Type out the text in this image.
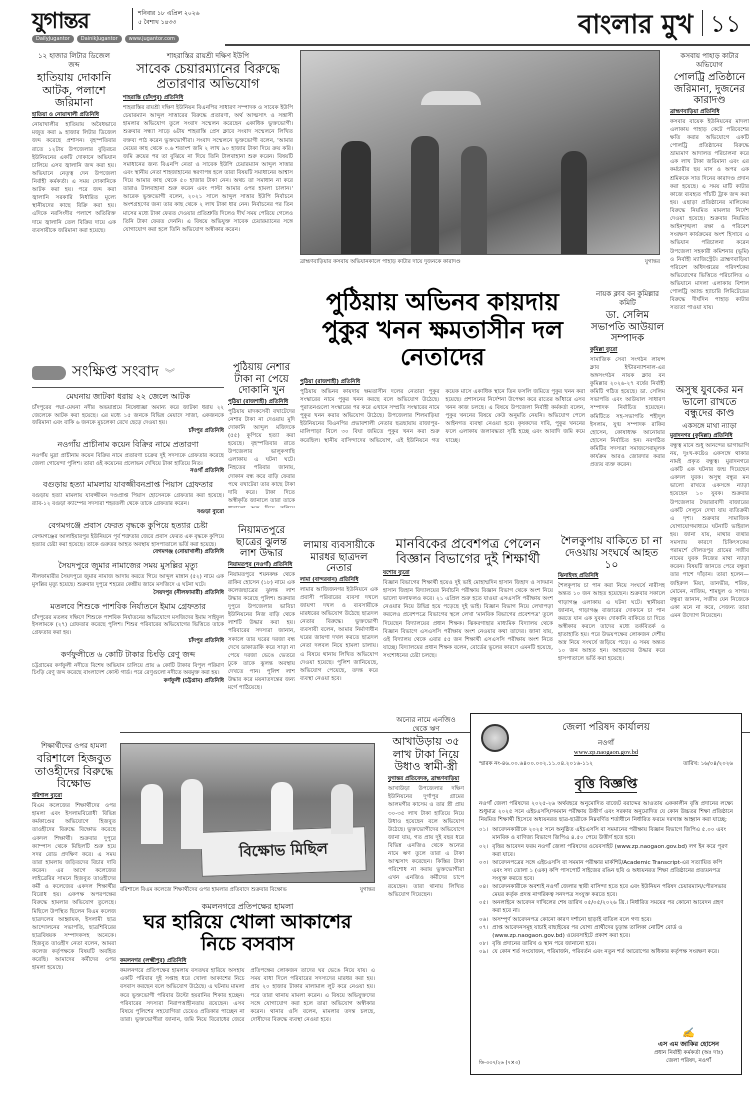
যুগান্তর	শনিবার ১৮ এপ্রিল ২০২৬
৫ বৈশাখ ১৪৩৩
DailyJugantor	DainikJugantor	www.jugantor.com	বাংলার মুখ ১১
১২ হাজার লিটার ডিজেল জব্দ
হাতিয়ায় দোকানি আটক, পলাশে জরিমানা
হাতিয়া ও নোয়াখালী প্রতিনিধি
নোয়াখালীর হাতিয়ায় অবৈধভাবে মজুত করা ৯ হাজার লিটার ডিজেল জব্দ করেছে প্রশাসন। বৃহস্পতিবার রাতে ১২টায় উপজেলার বুড়িরচর ইউনিয়নের একটি দোকানে অভিযান চালিয়ে এসব জ্বালানি জব্দ করা হয়। অভিযানে নেতৃত্ব দেন উপজেলা নির্বাহী কর্মকর্তা। এ সময় দোকানিকে আটক করা হয়। পরে জব্দ করা জ্বালানি সরকারি নির্ধারিত মূল্যে স্থানীয়দের কাছে বিক্রি করা হয়। এদিকে নরসিংদীর পলাশে অতিরিক্ত দামে জ্বালানি তেল বিক্রির দায়ে এক ব্যবসায়ীকে জরিমানা করা হয়েছে।
শাহরাস্তির রায়শ্রী দক্ষিণ ইউপি
সাবেক চেয়ারম্যানের বিরুদ্ধে প্রতারণার অভিযোগ
শাহরাস্তি (চাঁদপুর) প্রতিনিধি
শাহরাস্তির রায়শ্রী দক্ষিণ ইউনিয়ন বিএনপির সাধারণ সম্পাদক ও সাবেক ইউপি চেয়ারম্যান আব্দুল সাত্তারের বিরুদ্ধে প্রতারণা, অর্থ আত্মসাৎ ও সন্ত্রাসী হামলার অভিযোগ তুলে সংবাদ সম্মেলন করেছেন একাধিক ভুক্তভোগী। শুক্রবার সন্ধ্যা সাড়ে ৬টায় শাহরাস্তি প্রেস ক্লাবে সংবাদ সম্মেলনে লিখিত বক্তব্য পাঠ করেন ভুক্তভোগীরা। সংবাদ সম্মেলনে ভুক্তভোগী বলেন, 'আমার মেয়ের কাছ থেকে ০.৬ শতাংশ জমি ২ লাখ ৯০ হাজার টাকা দিয়ে ক্রয় করি। জমি ক্রয়ের পর তা বুঝিয়ে না দিয়ে তিনি টালবাহানা শুরু করেন। বিষয়টি সমাধানের জন্য বিএনপি নেতা ও সাবেক ইউপি চেয়ারম্যান আব্দুল সাত্তার এবং স্থানীয় নেতা শাহজাহানের স্বরণাপন্ন হলে তারা বিষয়টি সমাধানের আশ্বাস দিয়ে আমার কাছ থেকে ৫০ হাজার টাকা নেন। অথচ তা সমাধান না করে তারাও টালবাহানা শুরু করেন এবং পাল্টা আমার ওপর হামলা চালান।' আরেক ভুক্তভোগী বলেন, ২০২১ সালে আব্দুল সাত্তার ইউপি নির্বাচনে অংশগ্রহণের জন্য তার কাছ থেকে ২ লাখ টাকা ধার নেন। নির্বাচনের পর তিন মাসের মধ্যে টাকা ফেরত দেওয়ার প্রতিশ্রুতি দিলেও দীর্ঘ সময় পেরিয়ে গেলেও তিনি টাকা ফেরত দেননি। এ বিষয়ে অভিযুক্ত সাবেক চেয়ারম্যানের সঙ্গে যোগাযোগ করা হলে তিনি অভিযোগ অস্বীকার করেন।
ব্রাহ্মণবাড়িয়ার কসবায় অভিযানকালে পাহাড় কাটার দায়ে দুজনকে কারাদণ্ড	যুগান্তর
কসবায় পাহাড় কাটার অভিযোগ
পোলট্রি প্রতিষ্ঠানে জরিমানা, দুজনের কারাদণ্ড
ব্রাহ্মণবাড়িয়া প্রতিনিধি
কসবার বায়েক ইউনিয়নের মাদলা এলাকায় পাহাড় কেটে পরিবেশের ক্ষতি করার অভিযোগে একটি পোলট্রি প্রতিষ্ঠানের বিরুদ্ধে ভ্রাম্যমাণ আদালত পরিচালনা করে এক লাখ টাকা জরিমানা এবং এর কর্মচারীর ছয় মাস ও অপর এক শ্রমিককে সাত দিনের কারাদণ্ড প্রদান করা হয়েছে। এ সময় মাটি কাটার কাজে ব্যবহৃত পাঁচটি ট্রাক জব্দ করা হয়। এছাড়া প্রতিষ্ঠানের মালিকের বিরুদ্ধে নিয়মিত মামলার নির্দেশ দেওয়া হয়েছে। শুক্রবার নিয়মিত আইনশৃঙ্খলা রক্ষা ও পরিবেশ সংরক্ষণ কার্যক্রমের অংশ হিসাবে এ অভিযান পরিচালনা করেন উপজেলা সহকারী কমিশনার (ভূমি) ও নির্বাহী ম্যাজিস্ট্রেট। ব্রাহ্মণবাড়িয়া পরিবেশ অধিদপ্তরের পরিদর্শকের অভিযোগের ভিত্তিতে পরিচালিত এ অভিযানে মাদলা এলাকায় বিশাল পোলট্রি অ্যান্ড হ্যাচারি লিমিটেডের বিরুদ্ধে দীর্ঘদিন পাহাড় কাটার সত্যতা পাওয়া যায়।
অসুস্থ যুবকের মন ভালো রাখতে বন্ধুদের কাণ্ড
একসঙ্গে মাথা ন্যাড়া
মুরাদনগর (কুমিল্লা) প্রতিনিধি
বন্ধুত্ব মানে শুধু আনন্দের ভাগাভাগি নয়, দুঃখ-কষ্টেও একসঙ্গে থাকার নামই প্রকৃত বন্ধুত্ব। মুরাদনগরে একটি এক ঘটনার জন্ম দিয়েছেন একদল যুবক। অসুস্থ বন্ধুর মন ভালো রাখতে একসঙ্গে ন্যাড়া হয়েছেন ১০ যুবক। শুক্রবার উপজেলার দৈয়ারাবাদী বাজারের একটি সেলুনে দেখা যায় ব্যতিক্রমী এ দৃশ্য। শুক্রবার সামাজিক যোগাযোগমাধ্যমে ঘটনাটি ভাইরাল হয়। জানা যায়, মাথার ব্যথার সমস্যায় কারণে চিকিৎসকের পরামর্শে দৌলতপুর গ্রামের সজীব নামের যুবক নিজের মাথা ন্যাড়া করেন। বিষয়টি জানতে পেরে বন্ধুরা তার পাশে দাঁড়ান। তারা হলেন—জহিরুল মিয়া, তানভীর, শরিফ, মোমেন, নাজিম, শামছুল ও সাগর। বন্ধুরা জানান, সজীব যেন নিজেকে একা মনে না করে, সেজন্য তারা এমন উদ্যোগ নিয়েছেন।
পুঠিয়ায় অভিনব কায়দায় পুকুর খনন ক্ষমতাসীন দল নেতাদের
পুঠিয়া (রাজশাহী) প্রতিনিধি
পুঠিয়ায় অভিনব কায়দায় ক্ষমতাসীন দলের নেতারা পুকুর সংস্কারের নামে পুকুর খনন করছে বলে অভিযোগ উঠেছে। পুরাতনগুলো সংস্কারের পর করে এখানে সম্প্রতি সংস্কারের নামে পুকুর খনন করার অভিযোগ উঠেছে। উপজেলার শিলমাড়িয়া ইউনিয়নের বিএনপির প্রভাবশালী নেতার ছত্রছায়ায় রাজাপুর-মালিপাড়া বিলে ৩০ বিঘা জমিতে পুকুর খনন করা শুরু করেছিল। স্থানীয় বাসিন্দাদের অভিযোগ, এই ইউনিয়নে গত কয়েক মাসে একাধিক স্থানে তিন ফসলি জমিতে পুকুর খনন করা হয়েছে। প্রশাসনের নির্দেশনা উপেক্ষা করে রাতের আঁধারে এসব খনন কাজ চলছে। এ বিষয়ে উপজেলা নির্বাহী কর্মকর্তা বলেন, পুকুর খননের বিষয়ে কেউ অনুমতি নেয়নি। অভিযোগ পেলে আইনগত ব্যবস্থা নেওয়া হবে। কৃষকদের দাবি, পুকুর খননের ফলে এলাকায় জলাবদ্ধতা সৃষ্টি হচ্ছে এবং আবাদি জমি কমে যাচ্ছে।
নায়ক ক্লাব বন কুমিল্লার কমিটি
ডা. সেলিম সভাপতি আউয়াল সম্পাদক
কুমিল্লা ব্যুরো
সামাজিক সেবা সংগঠন লায়ন্স ক্লাব ইন্টারন্যাশনাল-এর অঙ্গসংগঠন নায়ক ক্লাব বন কুমিল্লার ২০২৬-২৭ বর্ষের নির্বাহী কমিটি গঠিত হয়েছে। ডা. সেলিম সভাপতি এবং আউয়াল সাধারণ সম্পাদক নির্বাচিত হয়েছেন। কমিটিতে সহ-সভাপতি শহীদুল ইসলাম, যুগ্ম সম্পাদক রাকিব হোসেন, কোষাধ্যক্ষ আনোয়ার হোসেন নির্বাচিত হন। নবগঠিত কমিটির সদস্যরা সমাজসেবামূলক কার্যক্রম আরও জোরদার করার প্রত্যয় ব্যক্ত করেন।
সংক্ষিপ্ত সংবাদ ︾
মেঘনায় জাটকা ধরায় ২২ জেলে আটক

চাঁদপুরের পদ্মা-মেঘনা নদীর অভয়াশ্রমে নিষেধাজ্ঞা অমান্য করে জাটকা ধরায় ২২ জেলেকে আটক করা হয়েছে। এর মধ্যে ১৫ জনকে বিভিন্ন মেয়াদে সাজা, একজনকে জরিমানা এবং বাকি ৬ জনকে মুচলেকা রেখে ছেড়ে দেওয়া হয়।

চাঁদপুর প্রতিনিধি
নওগাঁয় প্রাচীনাম কয়েন বিক্রির নামে প্রতারণা

নওগাঁয় মুদ্রা প্রাচীনাম কয়েন বিক্রির নামে প্রতারণা চক্রের দুই সদস্যকে গ্রেফতার করেছে জেলা গোয়েন্দা পুলিশ। তারা ওই কয়েনের প্রলোভন দেখিয়ে টাকা হাতিয়ে নিত।

নওগাঁ প্রতিনিধি
বগুড়ায় হত্যা মামলায় যাবজ্জীবনপ্রাপ্ত পিয়াস গ্রেফতার

বগুড়ায় হত্যা মামলায় যাবজ্জীবন দণ্ডপ্রাপ্ত পিয়াস হোসেনকে গ্রেফতার করা হয়েছে। র‌্যাব-১২ বগুড়া ক্যাম্পের সদস্যরা শহরতলী থেকে তাকে গ্রেফতার করেন।

বগুড়া ব্যুরো
বেগমগঞ্জে প্রবাস ফেরত বৃদ্ধকে কুপিয়ে হত্যার চেষ্টা

বেগমগঞ্জের আলাইয়ারপুর ইউনিয়নে পূর্ব শত্রুতার জেরে প্রবাস ফেরত এক বৃদ্ধকে কুপিয়ে হত্যার চেষ্টা করা হয়েছে। তাকে গুরুতর আহত অবস্থায় হাসপাতালে ভর্তি করা হয়েছে।

বেগমগঞ্জ (নোয়াখালী) প্রতিনিধি
সৈয়দপুরে জুমার নামাজের সময় মুসল্লির মৃত্যু

নীলফামারীর সৈয়দপুরে জুমার নামাজ আদায় করতে গিয়ে আব্দুল মান্নান (৫২) নামে এক মুসল্লির মৃত্যু হয়েছে। শুক্রবার দুপুরে শহরের কেন্দ্রীয় জামে মসজিদে এ ঘটনা ঘটে।

সৈয়দপুর (নীলফামারী) প্রতিনিধি
মতলবে শিশুকে পাশবিক নির্যাতনে ইমাম গ্রেফতার

চাঁদপুরের মতলব দক্ষিণে শিশুকে পাশবিক নির্যাতনের অভিযোগে মসজিদের ইমাম সাইফুল ইসলামকে (২৭) গ্রেফতার করেছে পুলিশ। শিশুর পরিবারের অভিযোগের ভিত্তিতে তাকে গ্রেফতার করা হয়।

চাঁদপুর প্রতিনিধি
কর্ণফুলীতে ৬ কোটি টাকার চিংড়ি রেণু জব্দ

চট্টগ্রামের কর্ণফুলী নদীতে বিশেষ অভিযান চালিয়ে প্রায় ৬ কোটি টাকার বিপুল পরিমাণ চিংড়ি রেণু জব্দ করেছে বাংলাদেশ কোস্ট গার্ড। পরে রেণুগুলো নদীতে অবমুক্ত করা হয়।

কর্ণফুলী (চট্টগ্রাম) প্রতিনিধি
পুঠিয়ায় নেশার টাকা না পেয়ে দোকানি খুন
পুঠিয়া (রাজশাহী) প্রতিনিধি
পুঠিয়ায় মাদকসেবী বখাটেদের নেশার টাকা না দেওয়ায় মুদি দোকানি আব্দুল মজিদকে (৫৫) কুপিয়ে হত্যা করা হয়েছে। বৃহস্পতিবার রাতে উপজেলার ভালুকগাছি এলাকায় এ ঘটনা ঘটে। নিহতের পরিবার জানায়, দোকান বন্ধ করে বাড়ি ফেরার পথে বখাটেরা তার কাছে টাকা দাবি করে। টাকা দিতে অস্বীকৃতি জানালে তারা তাকে
নিয়ামতপুরে ছাত্রের ঝুলন্ত লাশ উদ্ধার
নিয়ামতপুর (নওগাঁ) প্রতিনিধি
নিয়ামতপুরে শয়নকক্ষ থেকে রাকিব হোসেন (১৮) নামে এক কলেজছাত্রের ঝুলন্ত লাশ উদ্ধার করেছে পুলিশ। শুক্রবার দুপুরে উপজেলার ভাবিচা ইউনিয়নের নিজ বাড়ি থেকে লাশটি উদ্ধার করা হয়। পরিবারের সদস্যরা জানান, সকালে তার ঘরের দরজা বন্ধ দেখে ডাকাডাকি করে সাড়া না পেয়ে দরজা ভেঙে ভেতরে ঢুকে তাকে ঝুলন্ত অবস্থায় দেখতে পান। পুলিশ লাশ উদ্ধার করে ময়নাতদন্তের জন্য মর্গে পাঠিয়েছে।
লামায় ব্যবসায়ীকে মারধর ছাত্রদল নেতার
লামা (বান্দরবান) প্রতিনিধি
লামার আজিজনগর ইউনিয়নে এক প্রবাসী পরিবারের ব্যবসা দখলে জায়গা দখল ও ব্যবসায়ীকে মারধরের অভিযোগ উঠেছে ছাত্রদল নেতার বিরুদ্ধে। ভুক্তভোগী ব্যবসায়ী বলেন, আমার নির্মাণাধীন ঘরের জায়গা দখল করতে ছাত্রদল নেতা দলবল নিয়ে হামলা চালায়। এ বিষয়ে থানায় লিখিত অভিযোগ দেওয়া হয়েছে। পুলিশ জানিয়েছে, অভিযোগ পেয়েছে, তদন্ত করে ব্যবস্থা নেওয়া হবে।
মানবিকের প্রবেশপত্র পেলেন বিজ্ঞান বিভাগের দুই শিক্ষার্থী
যশোর ব্যুরো
বিজ্ঞান বিভাগের শিক্ষার্থী হয়েও দুই ভাই মোহাম্মদিন হাসান জিহাদ ও সাদমান হাসান জিহান বিদ্যালয়ের নির্বাচনি পরীক্ষায় বিজ্ঞান বিভাগ থেকে অংশ নিয়ে ভালো ফলাফলও করে। ২১ এপ্রিল শুরু হতে যাওয়া এসএসসি পরীক্ষায় অংশ নেওয়ার নিয়ে উদ্বিগ্ন হয়ে পড়েছে দুই ভাই। বিজ্ঞান বিভাগ নিয়ে লেখাপড়া করলেও প্রবেশপত্রে বিভাগের স্থলে লেখা 'মানবিক বিভাগের প্রবেশপত্র' তুলে দিয়েছেন বিদ্যালয়ের প্রধান শিক্ষক। ঝিকরগাছার মাধ্যমিক বিদ্যালয় থেকে বিজ্ঞান বিভাগে এসএসসি পরীক্ষায় অংশ নেওয়ার কথা তাদের। জানা যায়, ওই বিদ্যালয় থেকে এবার ৫৫ জন শিক্ষার্থী এসএসসি পরীক্ষায় অংশ নিতে যাচ্ছে। বিদ্যালয়ের প্রধান শিক্ষক বলেন, বোর্ডের ভুলের কারণে এমনটি হয়েছে, সংশোধনের চেষ্টা চলছে।
শৈলকুপায় বাকিতে চা না দেওয়ায় সংঘর্ষে আহত ১০
ঝিনাইদহ প্রতিনিধি
শৈলকুপায় চা পান করা নিয়ে সংঘর্ষে নারীসহ অন্তত ১০ জন আহত হয়েছেন। শুক্রবার সকালে গাড়াগঞ্জ এলাকায় এ ঘটনা ঘটে। স্থানীয়রা জানান, গাড়াগঞ্জ বাজারের দোকানে চা পান করতে যান এক যুবক। দোকানি বাকিতে চা দিতে অস্বীকার করলে তাদের মধ্যে তর্কবিতর্ক ও হাতাহাতি হয়। পরে উভয়পক্ষের লোকজন দেশীয় অস্ত্র নিয়ে সংঘর্ষে জড়িয়ে পড়ে। এ সময় অন্তত ১০ জন আহত হন। আহতদের উদ্ধার করে হাসপাতালে ভর্তি করা হয়েছে।
শিক্ষার্থীদের ওপর হামলা
বরিশালে হিজবুত তাওহীদের বিরুদ্ধে বিক্ষোভ
বরিশাল ব্যুরো
বিএম কলেজের শিক্ষার্থীদের ওপর হামলা এবং ইসলামবিরোধী বিভিন্ন কর্মকাণ্ডের অভিযোগে হিজবুত তাওহীদের বিরুদ্ধে বিক্ষোভ করেছে একদল শিক্ষার্থী। শুক্রবার দুপুরে ক্যাম্পাস থেকে মিছিলটি শুরু হয়ে সদর রোড প্রদক্ষিণ করে। এ সময় তারা হামলায় জড়িতদের বিচার দাবি করেন। এর আগে কলেজের লাইব্রেরির সামনে হিজবুত তাওহীদের কর্মী ও কলেজের একদল শিক্ষার্থীর বিরোধ হয়। একপক্ষ অপরপক্ষের বিরুদ্ধে হামলার অভিযোগ তুলেছে। মিছিলে উপস্থিত ছিলেন বিএম কলেজ ছাত্রদলের আহ্বায়ক, ইসলামী ছাত্র আন্দোলনের সভাপতি, ছাত্রশিবিরের ছাত্রবিষয়ক সম্পাদকসহ অনেকে। হিজবুত তাওহীদ নেতা বলেন, আমরা কলেজ কর্তৃপক্ষকে বিষয়টি অবহিত করেছি। আমাদের কর্মীদের ওপর হামলা হয়েছে।
বিক্ষোভ মিছিল
বরিশালে বিএম কলেজে শিক্ষার্থীদের ওপর হামলার প্রতিবাদে শুক্রবার বিক্ষোভ	যুগান্তর
কমলনগরে প্রতিপক্ষের হামলা
ঘর হারিয়ে খোলা আকাশের নিচে বসবাস
কমলনগর (লক্ষ্মীপুর) প্রতিনিধি
কমলনগরে প্রতিপক্ষের হামলায় বসতঘর হারিয়ে অসহায় একটি পরিবার দুই সপ্তাহ ধরে খোলা আকাশের নিচে বসবাস করছেন বলে অভিযোগ উঠেছে। এ ঘটনায় মামলা করে ভুক্তভোগী পরিবার উল্টো হয়রানির শিকার হচ্ছেন। পরিবারের সদস্যরা নিরাপত্তাহীনতায় রয়েছেন। এসব বিষয়ে পুলিশের সহযোগিতা চেয়েও প্রতিকার পাচ্ছেন না তারা। ভুক্তভোগীরা জানান, জমি নিয়ে বিরোধের জেরে প্রতিপক্ষের লোকজন তাদের ঘর ভেঙে নিয়ে যায়। এ সময় বাধা দিলে পরিবারের সদস্যদের মারধর করা হয়। প্রায় ২০ হাজার টাকার মালামাল লুট করে নেওয়া হয়। পরে তারা থানায় মামলা করেন। এ বিষয়ে অভিযুক্তদের সঙ্গে যোগাযোগ করা হলে তারা অভিযোগ অস্বীকার করেন। থানার ওসি বলেন, মামলার তদন্ত চলছে, দোষীদের বিরুদ্ধে ব্যবস্থা নেওয়া হবে।
অন্যের নামে এনজিও থেকে ঋণ
আখাউড়ায় ৩৫ লাখ টাকা নিয়ে উধাও স্বামী-স্ত্রী
যুগান্তর প্রতিবেদক, ব্রাহ্মণবাড়িয়া
আখাউড়া উপজেলার দক্ষিণ ইউনিয়নের দুর্গাপুর গ্রামের আলমগীর কাসেম ও তার স্ত্রী প্রায় ৩০-৩৫ লাখ টাকা হাতিয়ে নিয়ে উধাও হয়েছেন বলে অভিযোগ উঠেছে। ভুক্তভোগীদের অভিযোগে জানা যায়, গত প্রায় দুই বছর ধরে বিভিন্ন এনজিও থেকে অন্যের নামে ঋণ তুলে তারা এ টাকা আত্মসাৎ করেছেন। কিস্তির টাকা পরিশোধ না করায় ভুক্তভোগীরা এখন এনজিও কর্মীদের চাপে রয়েছেন। তারা থানায় লিখিত অভিযোগ দিয়েছেন।
জেলা পরিষদ কার্যালয়
নওগাঁ
www.zp.naogaon.gov.bd
স্মারক নং-৪৬.০০.৬৪০০.০০২.১১.০৪.২০১৬-১১২	তারিখ: ১৬/০৪/২০২৬
বৃত্তি বিজ্ঞপ্তি
নওগাঁ জেলা পরিষদের ২০২৫-২৬ অর্থবছরে অনুমোদিত বাজেট বরাদ্দের আওতায় এককালীন বৃত্তি প্রদানের লক্ষ্যে শুধুমাত্র ২০২৫ সনে এইচএসসি/সমমান পরীক্ষায় উত্তীর্ণ এবং সরকার অনুমোদিত যে কোন উচ্চতর শিক্ষা প্রতিষ্ঠানে নিয়মিত শিক্ষার্থী হিসেবে অধ্যয়নরত ছাত্র-ছাত্রীকে নিম্নবর্ণিত শর্তাধীনে নির্ধারিত ফরমে দরখাস্ত আহ্বান করা যাচ্ছে;
০১। আবেদনকারীকে ২০২৫ সনে অনুষ্ঠিত এইচএসসি বা সমমানের পরীক্ষায় বিজ্ঞান বিভাগে জিপিএ ৫.০০ এবং মানবিক ও বাণিজ্য বিভাগে জিপিএ ৪.৫০ পেয়ে উত্তীর্ণ হতে হবে।
০২। বৃত্তির আবেদন ফরম নওগাঁ জেলা পরিষদের ওয়েবসাইট (www.zp.naogaon.gov.bd) লগ ইন করে পূরণ করা যাবে।
০৩। আবেদনপত্রের সঙ্গে এইচএসসি বা সমমান পরীক্ষার মার্কশিট/Academic Transcript-এর সত্যায়িত কপি এবং সদ্য তোলা ১ (এক) কপি পাসপোর্ট সাইজের রঙিন ছবি ও অধ্যয়নরত শিক্ষা প্রতিষ্ঠানের প্রত্যয়নপত্র সংযুক্ত করতে হবে।
০৪। আবেদনকারীকে অবশ্যই নওগাঁ জেলার স্থায়ী বাসিন্দা হতে হবে এবং ইউনিয়ন পরিষদ চেয়ারম্যান/পৌরসভার মেয়র কর্তৃক প্রদত্ত নাগরিকত্ব সনদপত্র সংযুক্ত করতে হবে।
০৫। অনলাইনে আবেদন দাখিলের শেষ তারিখ ০৫/০৫/২০২৬ খ্রি.। নির্ধারিত সময়ের পর কোনো আবেদন গ্রহণ করা হবে না।
০৬। অসম্পূর্ণ আবেদনপত্র কোনো কারণ দর্শানো ছাড়াই বাতিল বলে গণ্য হবে।
০৭। প্রাপ্ত আবেদনসমূহ যাচাই বাছাইয়ের পর যোগ্য প্রার্থীদের চূড়ান্ত তালিকা নোটিশ বোর্ড ও (www.zp.naogaon.gov.bd) ওয়েবসাইটে প্রকাশ করা হবে।
০৮। বৃত্তি প্রদানের তারিখ ও স্থান পরে জানানো হবে।
০৯। যে কোন শর্ত সংযোজন, পরিমার্জন, পরিবর্তন এবং নতুন শর্ত আরোপের অধিকার কর্তৃপক্ষ সংরক্ষণ করে।
✍
এস এম জাকির হোসেন
প্রধান নির্বাহী কর্মকর্তা (অঃ দাঃ)
জেলা পরিষদ, নওগাঁ
ডি-৩৩৭/২৬ (৭×৩)
